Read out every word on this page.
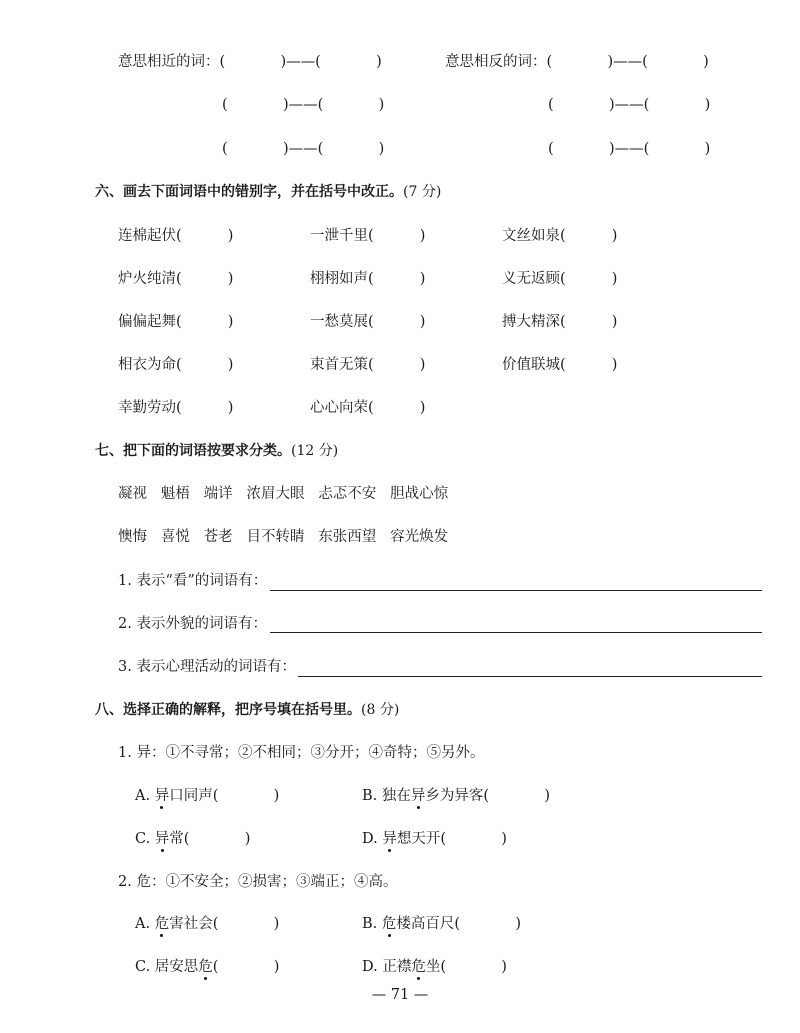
意思相近的词：(            )——(            )	意思相反的词：(            )——(            )
(            )——(            )	(            )——(            )
(            )——(            )	(            )——(            )
六、画去下面词语中的错别字，并在括号中改正。(7 分)
连棉起伏(          )	一泄千里(          )	文丝如泉(          )
炉火纯清(          )	栩栩如声(          )	义无返顾(          )
偏偏起舞(          )	一愁莫展(          )	搏大精深(          )
相衣为命(          )	束首无策(          )	价值联城(          )
幸勤劳动(          )	心心向荣(          )
七、把下面的词语按要求分类。(12 分)
凝视   魁梧   端详   浓眉大眼   忐忑不安   胆战心惊
懊悔   喜悦   苍老   目不转睛   东张西望   容光焕发
1. 表示“看”的词语有：
2. 表示外貌的词语有：
3. 表示心理活动的词语有：
八、选择正确的解释，把序号填在括号里。(8 分)
1. 异：①不寻常；②不相同；③分开；④奇特；⑤另外。
A. 异口同声(            )	B. 独在异乡为异客(            )
C. 异常(            )	D. 异想天开(            )
2. 危：①不安全；②损害；③端正；④高。
A. 危害社会(            )	B. 危楼高百尺(            )
C. 居安思危(            )	D. 正襟危坐(            )
— 71 —
